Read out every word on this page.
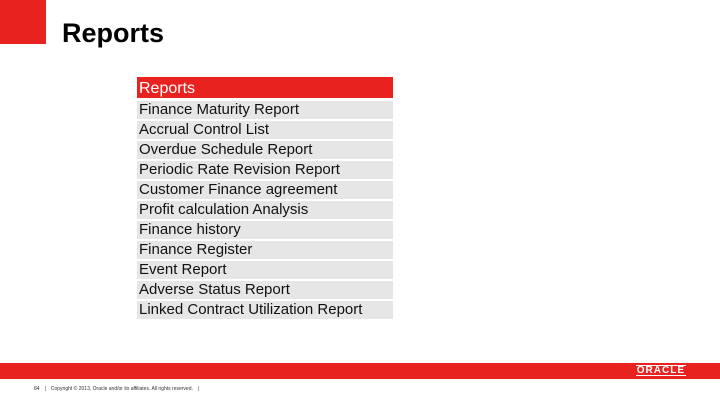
Reports
Reports
Finance Maturity Report
Accrual Control List
Overdue Schedule Report
Periodic Rate Revision Report
Customer Finance agreement
Profit calculation Analysis
Finance history
Finance Register
Event Report
Adverse Status Report
Linked Contract Utilization Report
ORACLE
84 | Copyright © 2013, Oracle and/or its affiliates. All rights reserved. |
